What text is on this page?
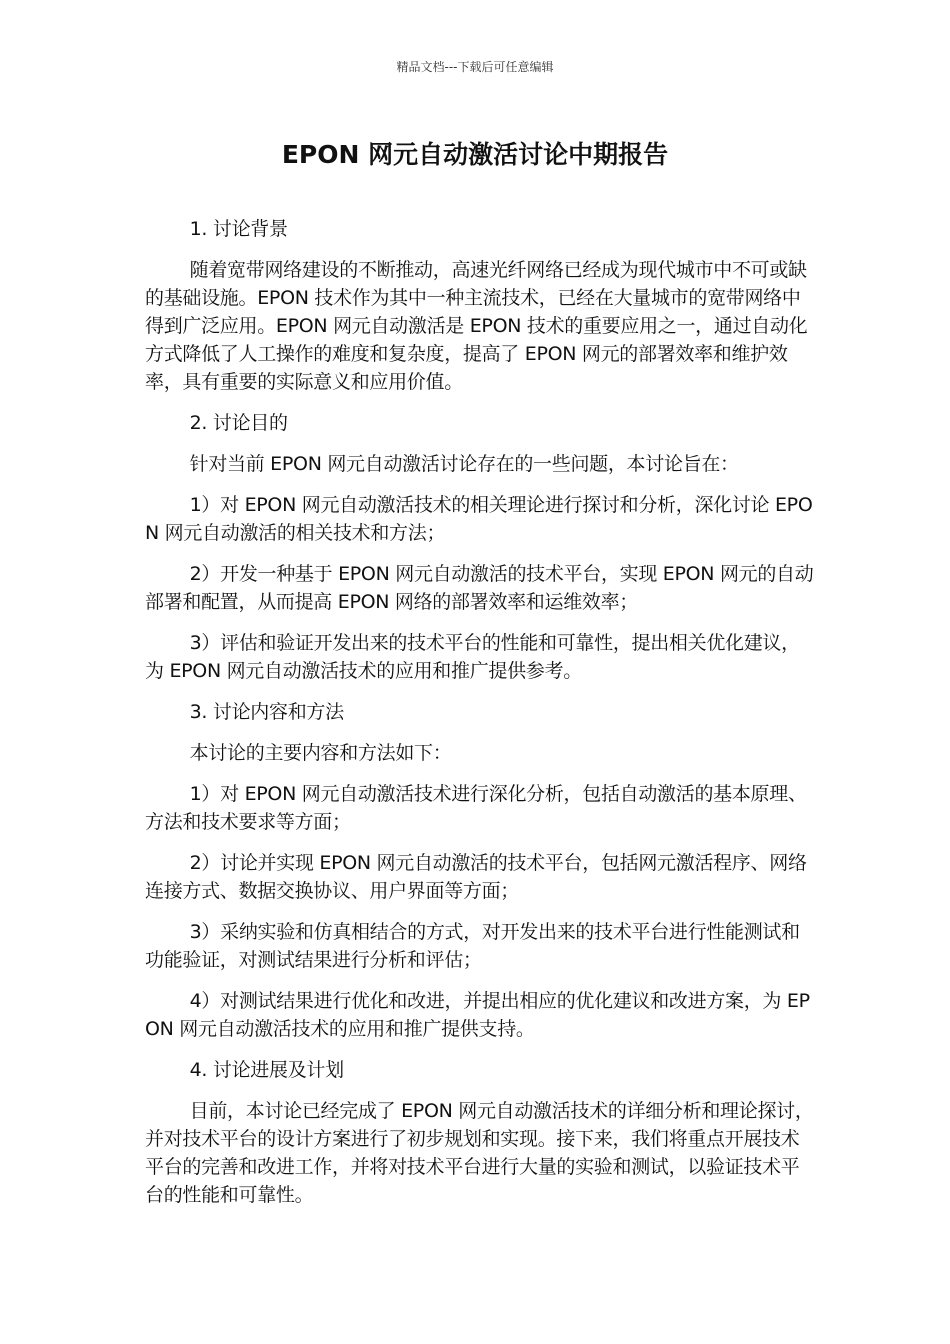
精品文档---下载后可任意编辑
EPON 网元自动激活讨论中期报告

1. 讨论背景

随着宽带网络建设的不断推动，高速光纤网络已经成为现代城市中不可或缺的基础设施。EPON 技术作为其中一种主流技术，已经在大量城市的宽带网络中得到广泛应用。EPON 网元自动激活是 EPON 技术的重要应用之一，通过自动化方式降低了人工操作的难度和复杂度，提高了 EPON 网元的部署效率和维护效率，具有重要的实际意义和应用价值。

2. 讨论目的

针对当前 EPON 网元自动激活讨论存在的一些问题，本讨论旨在：

1）对 EPON 网元自动激活技术的相关理论进行探讨和分析，深化讨论 EPON 网元自动激活的相关技术和方法；

2）开发一种基于 EPON 网元自动激活的技术平台，实现 EPON 网元的自动部署和配置，从而提高 EPON 网络的部署效率和运维效率；

3）评估和验证开发出来的技术平台的性能和可靠性，提出相关优化建议，为 EPON 网元自动激活技术的应用和推广提供参考。

3. 讨论内容和方法

本讨论的主要内容和方法如下：

1）对 EPON 网元自动激活技术进行深化分析，包括自动激活的基本原理、方法和技术要求等方面；

2）讨论并实现 EPON 网元自动激活的技术平台，包括网元激活程序、网络连接方式、数据交换协议、用户界面等方面；

3）采纳实验和仿真相结合的方式，对开发出来的技术平台进行性能测试和功能验证，对测试结果进行分析和评估；

4）对测试结果进行优化和改进，并提出相应的优化建议和改进方案，为 EPON 网元自动激活技术的应用和推广提供支持。

4. 讨论进展及计划

目前，本讨论已经完成了 EPON 网元自动激活技术的详细分析和理论探讨，并对技术平台的设计方案进行了初步规划和实现。接下来，我们将重点开展技术平台的完善和改进工作，并将对技术平台进行大量的实验和测试，以验证技术平台的性能和可靠性。
